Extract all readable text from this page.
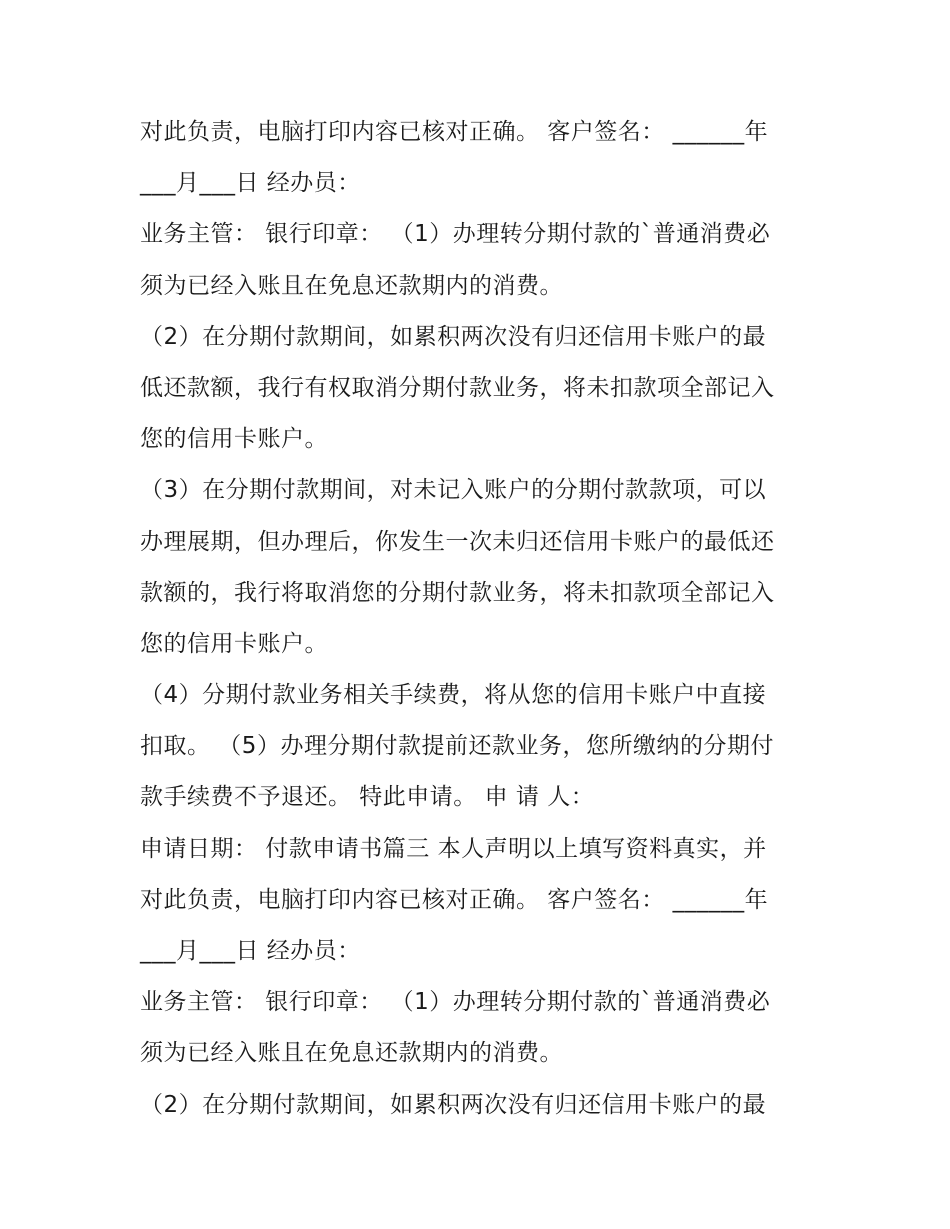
对此负责，电脑打印内容已核对正确。 客户签名： ______年
___月___日 经办员：
业务主管： 银行印章： （1）办理转分期付款的`普通消费必
须为已经入账且在免息还款期内的消费。
（2）在分期付款期间，如累积两次没有归还信用卡账户的最
低还款额，我行有权取消分期付款业务，将未扣款项全部记入
您的信用卡账户。
（3）在分期付款期间，对未记入账户的分期付款款项，可以
办理展期，但办理后，你发生一次未归还信用卡账户的最低还
款额的，我行将取消您的分期付款业务，将未扣款项全部记入
您的信用卡账户。
（4）分期付款业务相关手续费，将从您的信用卡账户中直接
扣取。 （5）办理分期付款提前还款业务，您所缴纳的分期付
款手续费不予退还。 特此申请。 申 请 人：
申请日期： 付款申请书篇三 本人声明以上填写资料真实，并
对此负责，电脑打印内容已核对正确。 客户签名： ______年
___月___日 经办员：
业务主管： 银行印章： （1）办理转分期付款的`普通消费必
须为已经入账且在免息还款期内的消费。
（2）在分期付款期间，如累积两次没有归还信用卡账户的最
